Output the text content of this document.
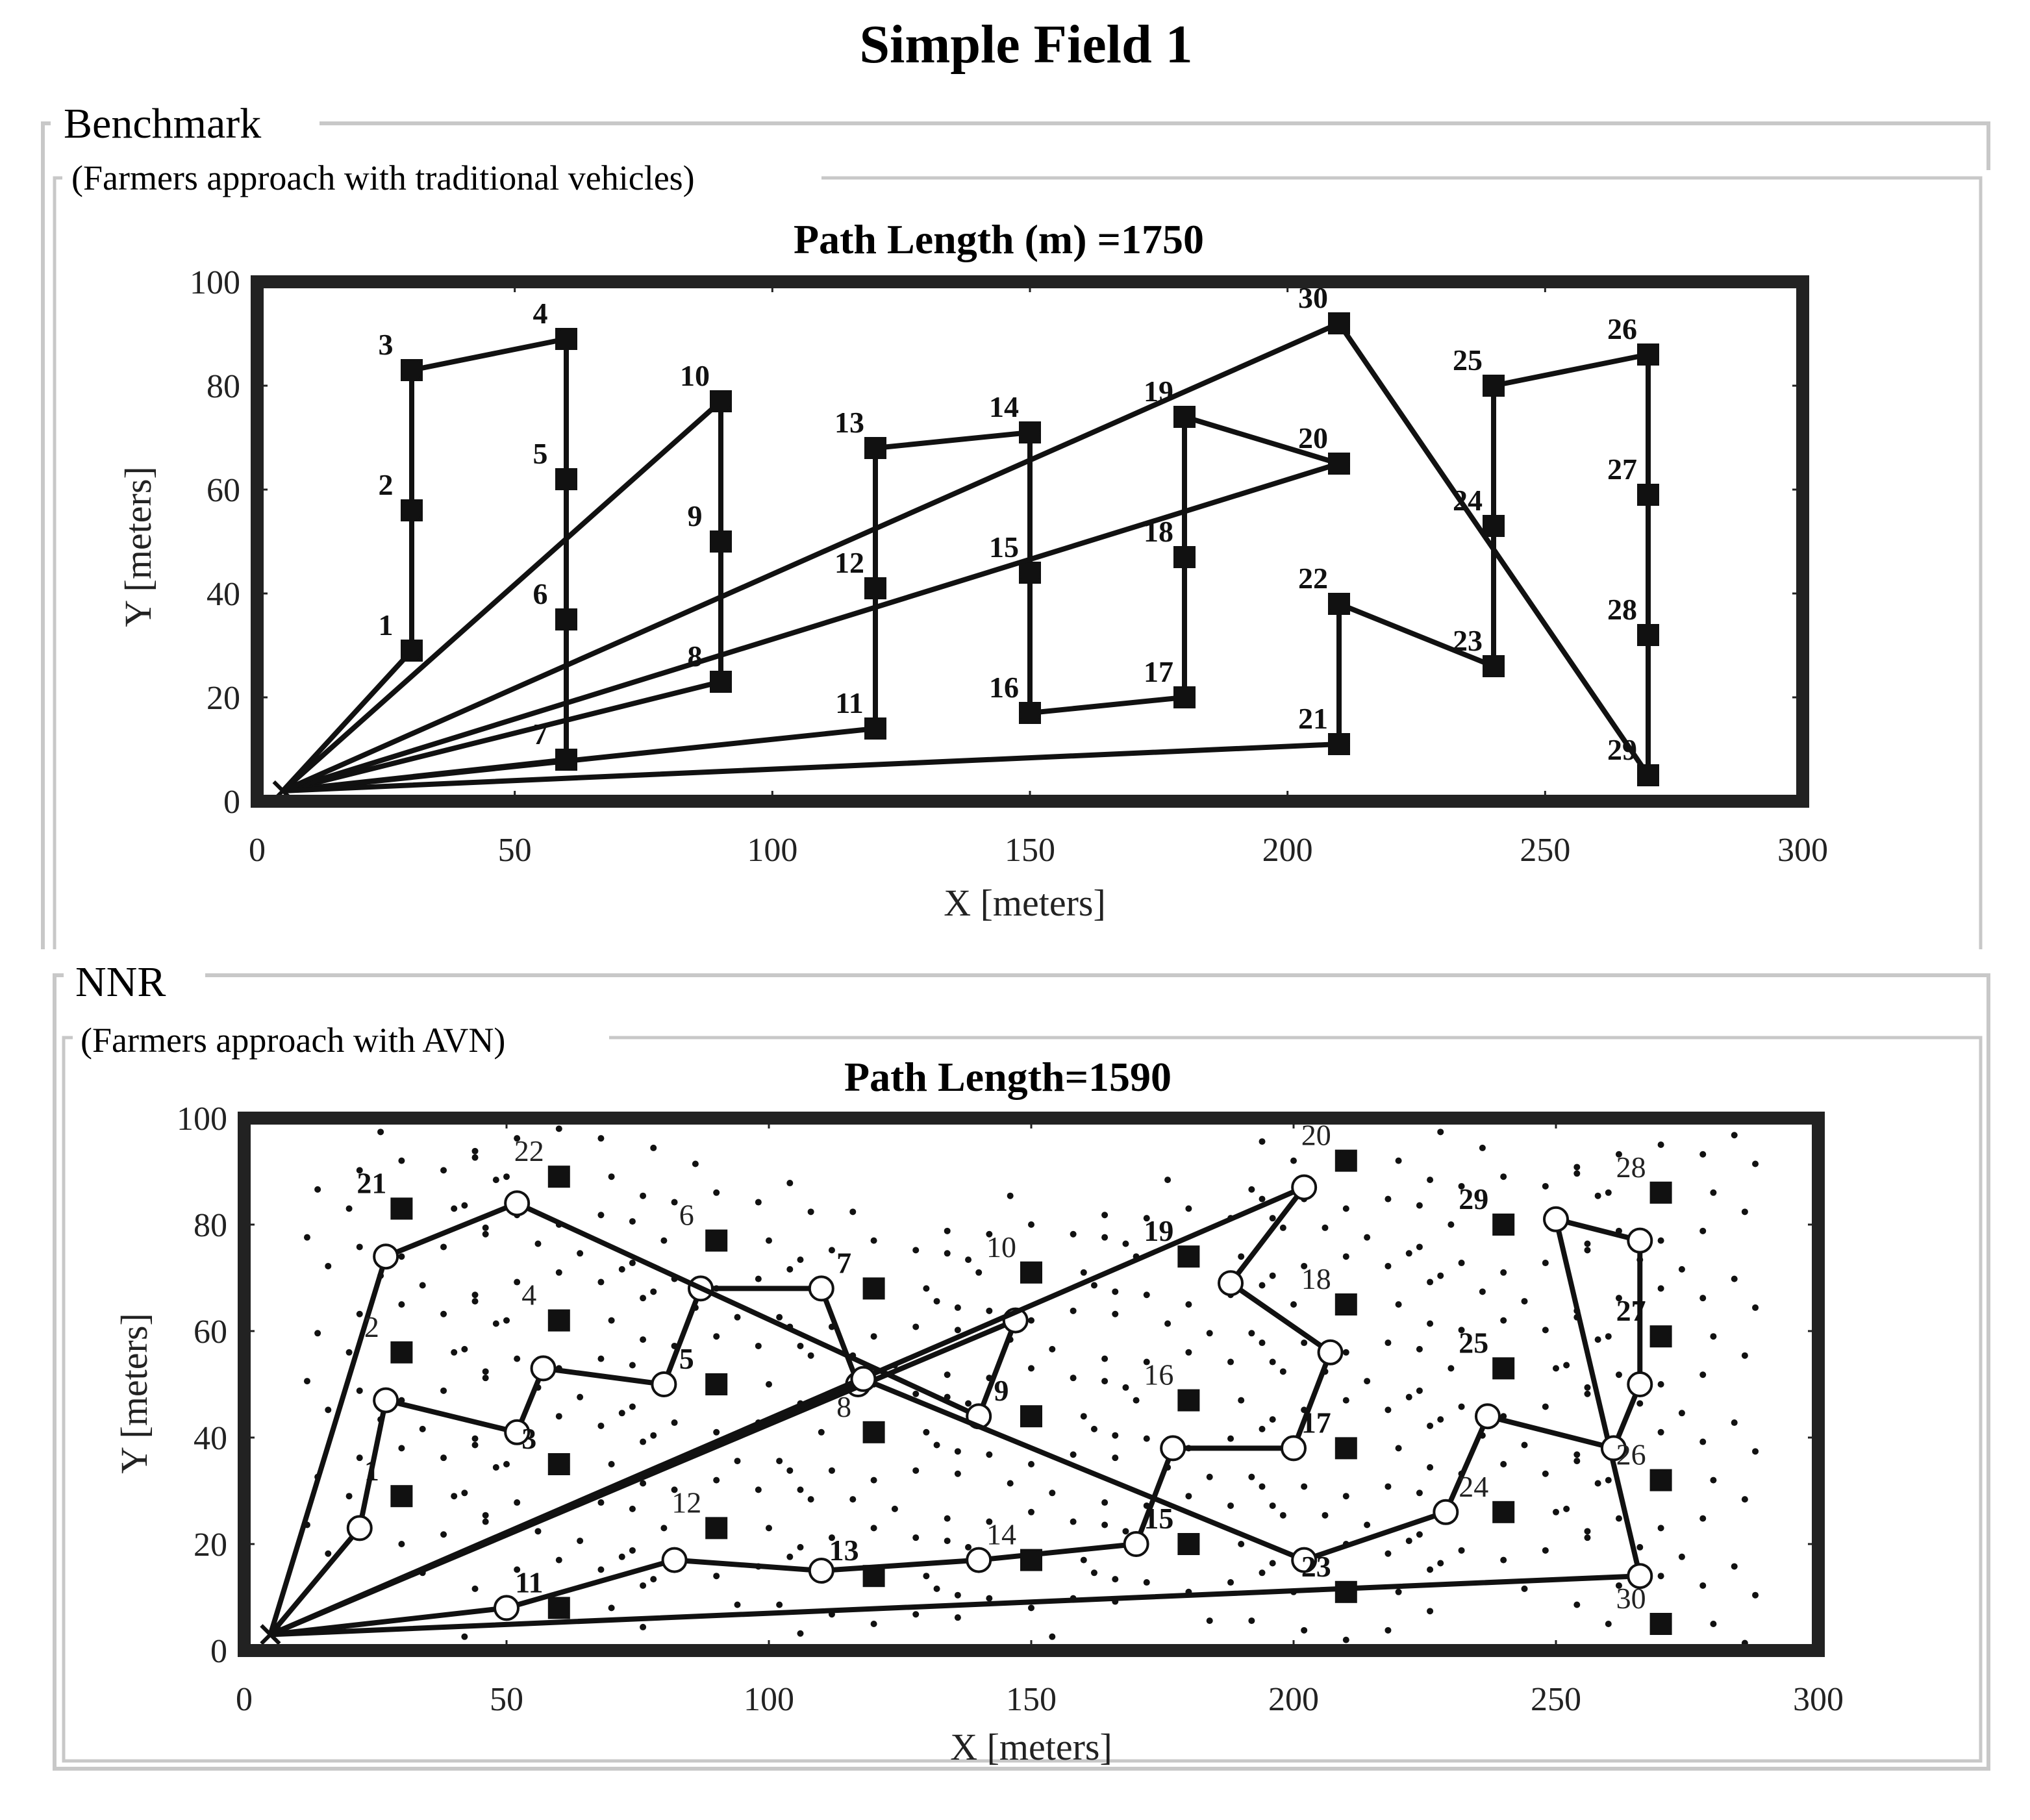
Simple Field 1
Benchmark
(Farmers approach with traditional vehicles)
Path Length (m) =1750
X [meters]
Y [meters]
0	50	100	150	200	250	300
0
20
40
60
80
100
1
2
3
4
5
6
7
8
9
10
11
12
13	14
15
16	17
18
19
20
21
22
23
24
25
26
27
28
29
30
NNR
(Farmers approach with AVN)
Path Length=1590
X [meters]
Y [meters]
0	50	100	150	200	250	300
0
20
40
60
80
100
1
2
3
4
5
6
7
8	9
10
11
12
13	14	15
16
17
18
19
20
21
22
23
24
25
26
27
28
29
30
